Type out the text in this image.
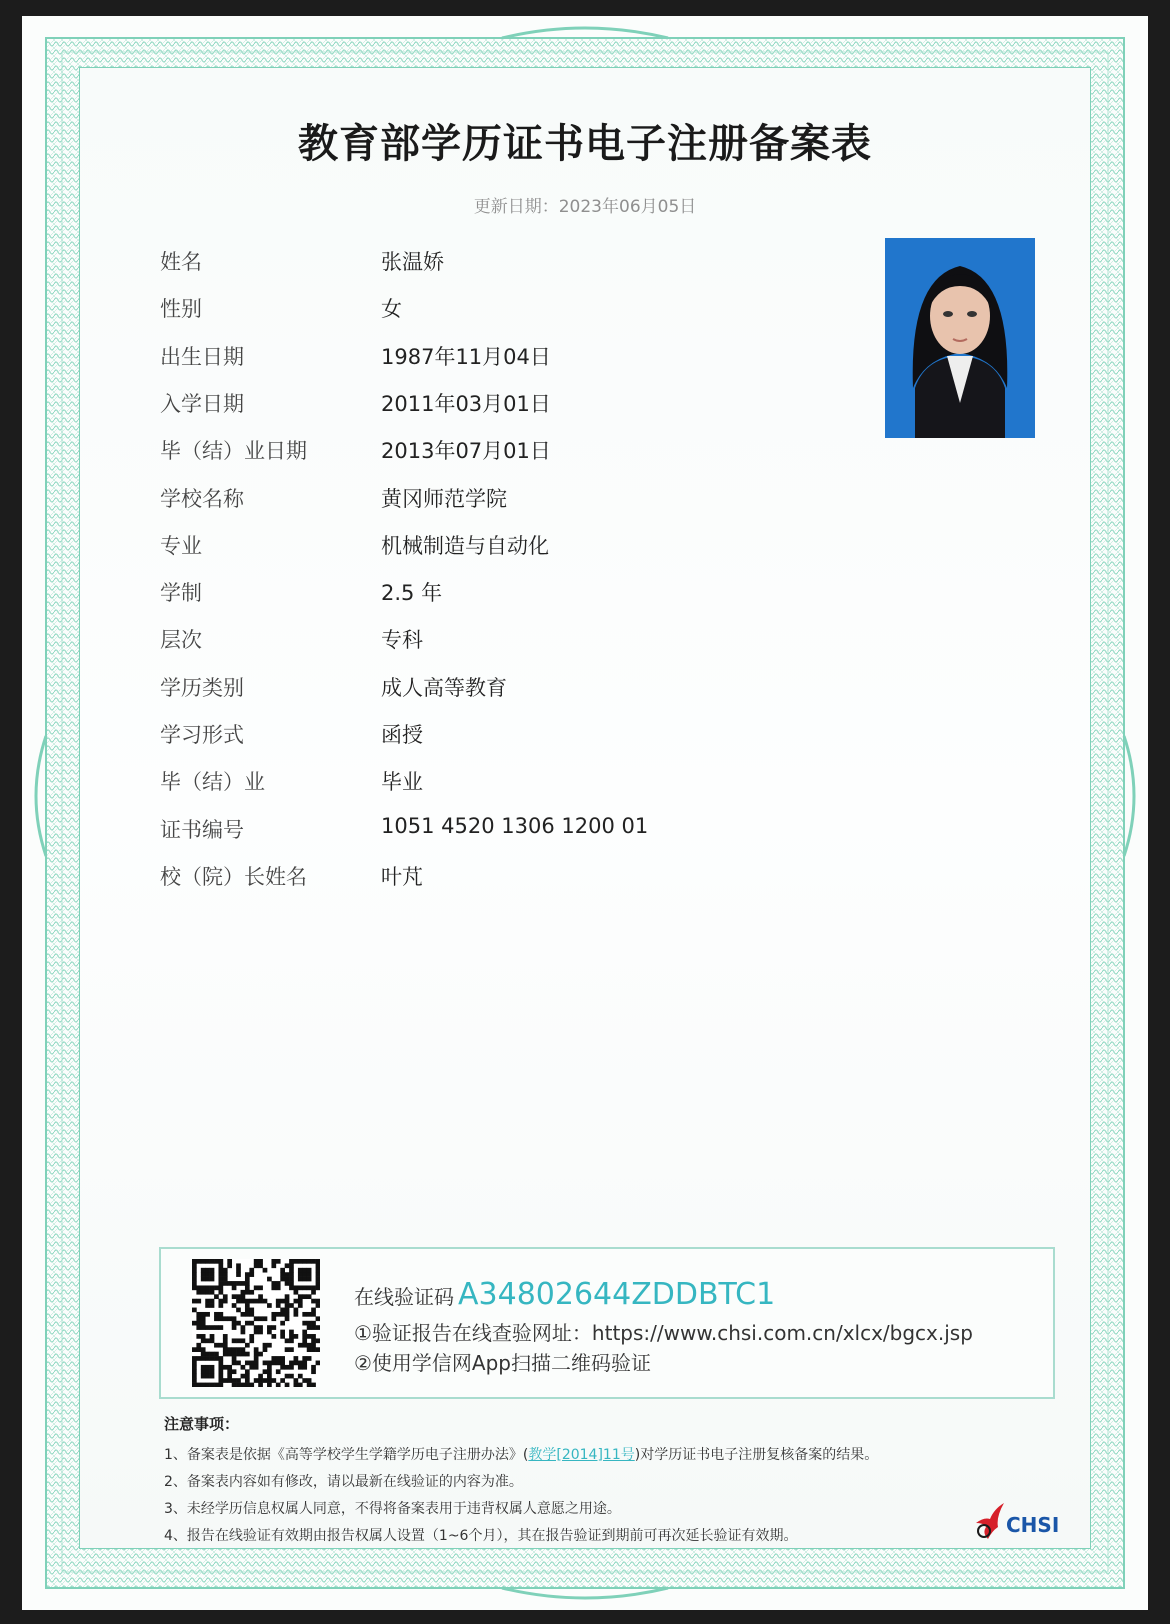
教育部学历证书电子注册备案表
更新日期：2023年06月05日
姓名	张温娇
性别	女
出生日期	1987年11月04日
入学日期	2011年03月01日
毕（结）业日期	2013年07月01日
学校名称	黄冈师范学院
专业	机械制造与自动化
学制	2.5 年
层次	专科
学历类别	成人高等教育
学习形式	函授
毕（结）业	毕业
证书编号	1051 4520 1306 1200 01
校（院）长姓名	叶芃
在线验证码 A34802644ZDDBTC1
①验证报告在线查验网址：https://www.chsi.com.cn/xlcx/bgcx.jsp
②使用学信网App扫描二维码验证
注意事项：
1、备案表是依据《高等学校学生学籍学历电子注册办法》(教学[2014]11号)对学历证书电子注册复核备案的结果。
2、备案表内容如有修改，请以最新在线验证的内容为准。
3、未经学历信息权属人同意，不得将备案表用于违背权属人意愿之用途。
4、报告在线验证有效期由报告权属人设置（1~6个月），其在报告验证到期前可再次延长验证有效期。	CHSI
